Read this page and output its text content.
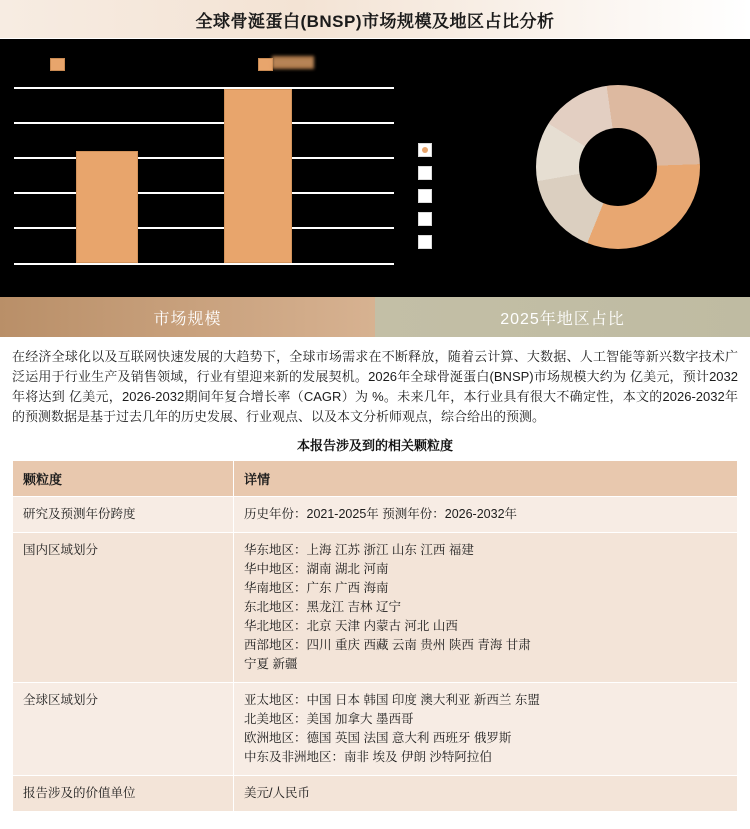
全球骨涎蛋白(BNSP)市场规模及地区占比分析
市场规模	2025年地区占比
在经济全球化以及互联网快速发展的大趋势下，全球市场需求在不断释放，随着云计算、大数据、人工智能等新兴数字技术广泛运用于行业生产及销售领域，行业有望迎来新的发展契机。2026年全球骨涎蛋白(BNSP)市场规模大约为 亿美元，预计2032年将达到 亿美元，2026-2032期间年复合增长率（CAGR）为 %。未来几年，本行业具有很大不确定性，本文的2026-2032年的预测数据是基于过去几年的历史发展、行业观点、以及本文分析师观点，综合给出的预测。
本报告涉及到的相关颗粒度
颗粒度	详情
研究及预测年份跨度	历史年份：2021-2025年 预测年份：2026-2032年
国内区域划分	华东地区：上海 江苏 浙江 山东 江西 福建
华中地区：湖南 湖北 河南
华南地区：广东 广西 海南
东北地区：黑龙江 吉林 辽宁
华北地区：北京 天津 内蒙古 河北 山西
西部地区：四川 重庆 西藏 云南 贵州 陕西 青海 甘肃
宁夏 新疆

全球区域划分	亚太地区：中国 日本 韩国 印度 澳大利亚 新西兰 东盟
北美地区：美国 加拿大 墨西哥
欧洲地区：德国 英国 法国 意大利 西班牙 俄罗斯
中东及非洲地区：南非 埃及 伊朗 沙特阿拉伯

报告涉及的价值单位	美元/人民币
